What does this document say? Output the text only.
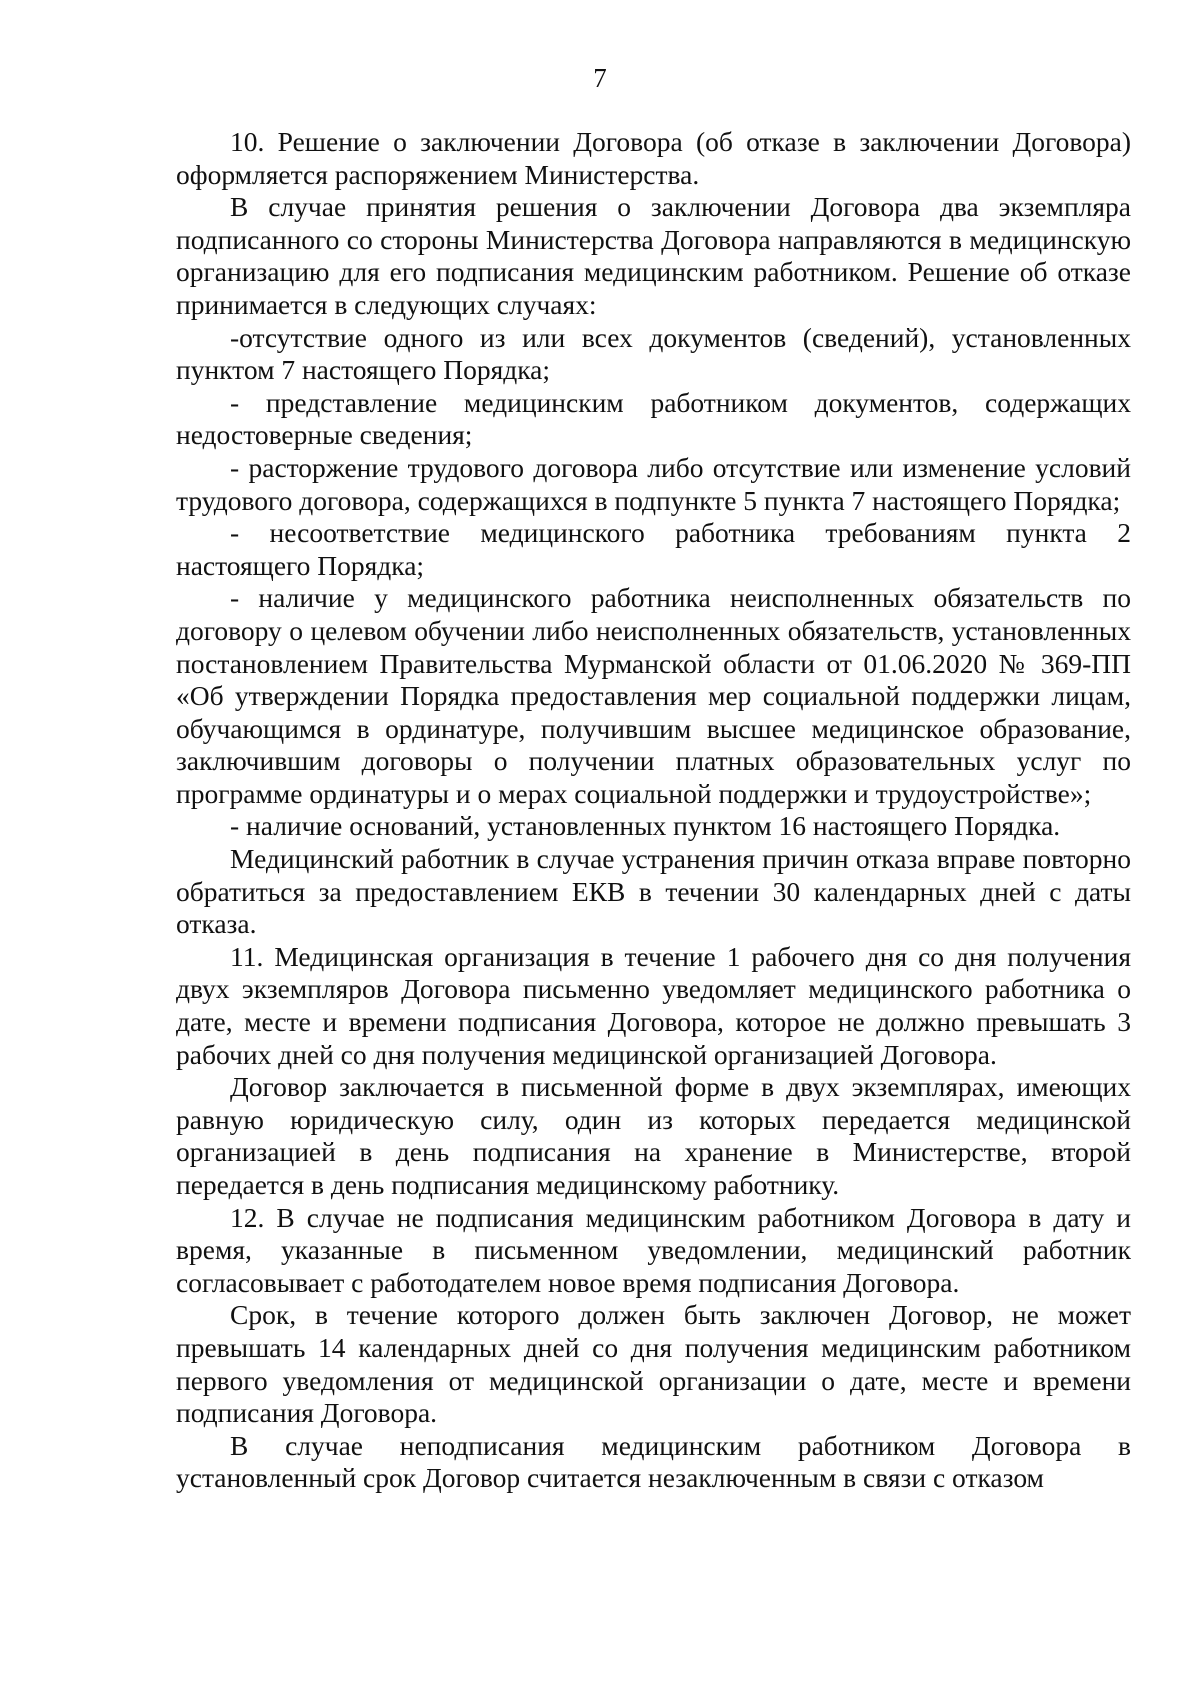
7

10. Решение о заключении Договора (об отказе в заключении Договора) оформляется распоряжением Министерства.

В случае принятия решения о заключении Договора два экземпляра подписанного со стороны Министерства Договора направляются в медицинскую организацию для его подписания медицинским работником. Решение об отказе принимается в следующих случаях:

-отсутствие одного из или всех документов (сведений), установленных пунктом 7 настоящего Порядка;

- представление медицинским работником документов, содержащих недостоверные сведения;

- расторжение трудового договора либо отсутствие или изменение условий трудового договора, содержащихся в подпункте 5 пункта 7 настоящего Порядка;

- несоответствие медицинского работника требованиям пункта 2 настоящего Порядка;

- наличие у медицинского работника неисполненных обязательств по договору о целевом обучении либо неисполненных обязательств, установленных постановлением Правительства Мурманской области от 01.06.2020 № 369-ПП «Об утверждении Порядка предоставления мер социальной поддержки лицам, обучающимся в ординатуре, получившим высшее медицинское образование, заключившим договоры о получении платных образовательных услуг по программе ординатуры и о мерах социальной поддержки и трудоустройстве»;

- наличие оснований, установленных пунктом 16 настоящего Порядка.

Медицинский работник в случае устранения причин отказа вправе повторно обратиться за предоставлением ЕКВ в течении 30 календарных дней с даты отказа.

11. Медицинская организация в течение 1 рабочего дня со дня получения двух экземпляров Договора письменно уведомляет медицинского работника о дате, месте и времени подписания Договора, которое не должно превышать 3 рабочих дней со дня получения медицинской организацией Договора.

Договор заключается в письменной форме в двух экземплярах, имеющих равную юридическую силу, один из которых передается медицинской организацией в день подписания на хранение в Министерстве, второй передается в день подписания медицинскому работнику.

12. В случае не подписания медицинским работником Договора в дату и время, указанные в письменном уведомлении, медицинский работник согласовывает с работодателем новое время подписания Договора.

Срок, в течение которого должен быть заключен Договор, не может превышать 14 календарных дней со дня получения медицинским работником первого уведомления от медицинской организации о дате, месте и времени подписания Договора.

В случае неподписания медицинским работником Договора в установленный срок Договор считается незаключенным в связи с отказом
